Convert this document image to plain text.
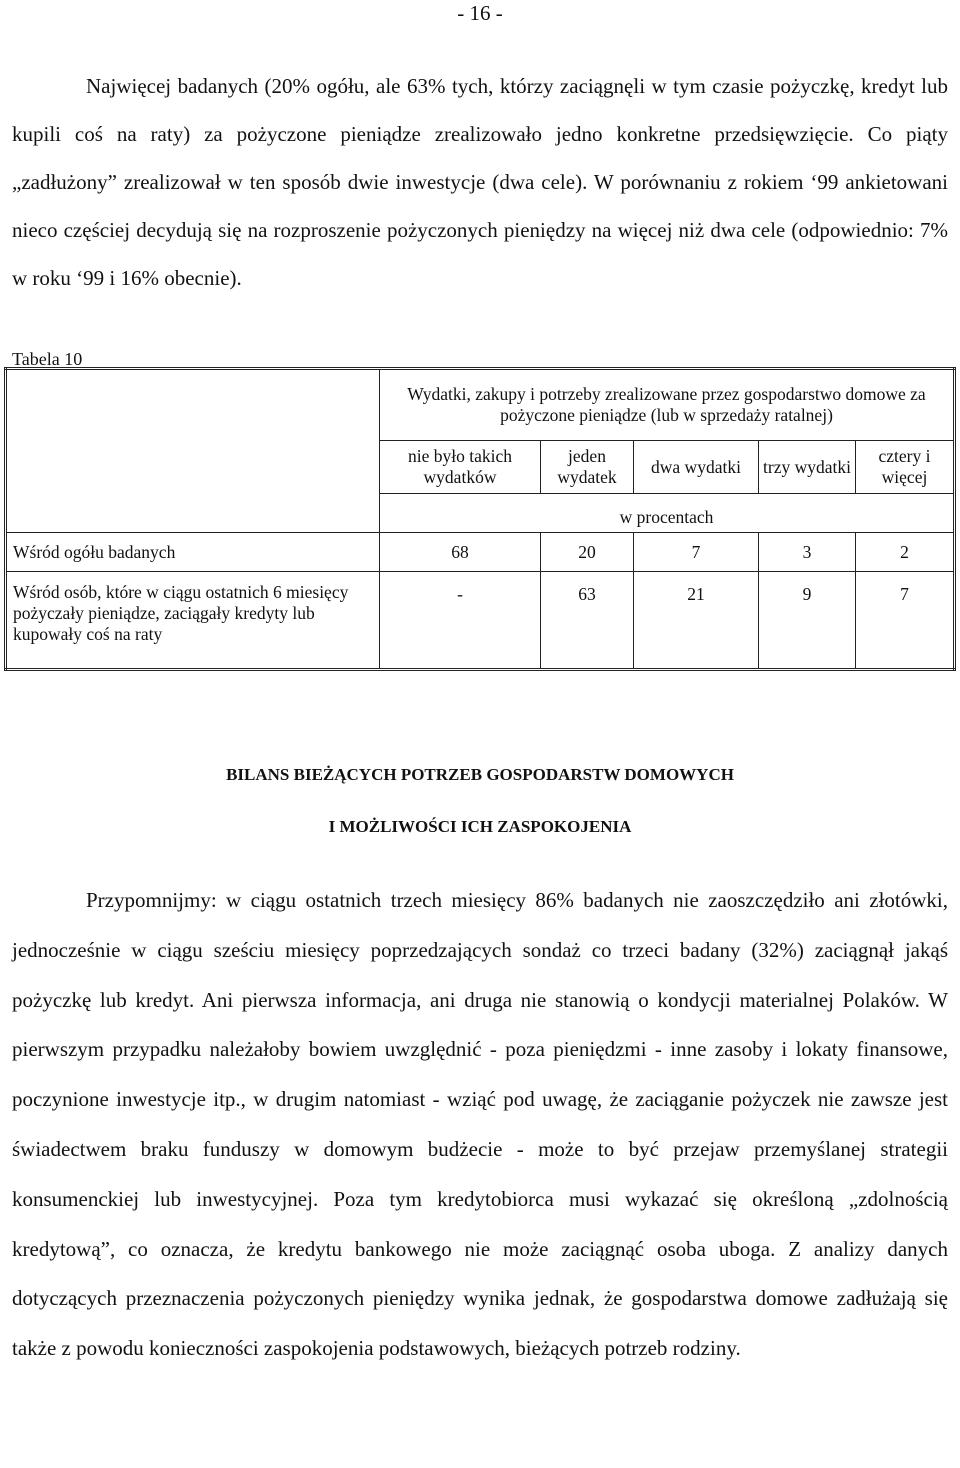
- 16 -

Najwięcej badanych (20% ogółu, ale 63% tych, którzy zaciągnęli w tym czasie pożyczkę, kredyt lub kupili coś na raty) za pożyczone pieniądze zrealizowało jedno konkretne przedsięwzięcie. Co piąty „zadłużony” zrealizował w ten sposób dwie inwestycje (dwa cele). W porównaniu z rokiem ‘99 ankietowani nieco częściej decydują się na rozproszenie pożyczonych pieniędzy na więcej niż dwa cele (odpowiednio: 7% w roku ‘99 i 16% obecnie).

Tabela 10
	Wydatki, zakupy i potrzeby zrealizowane przez gospodarstwo domowe za pożyczone pieniądze (lub w sprzedaży ratalnej)				
	nie było takich wydatków	jeden wydatek	dwa wydatki	trzy wydatki	cztery i więcej
	w procentach				
Wśród ogółu badanych	68	20	7	3	2
Wśród osób, które w ciągu ostatnich 6 miesięcy pożyczały pieniądze, zaciągały kredyty lub kupowały coś na raty	-	63	21	9	7
BILANS BIEŻĄCYCH POTRZEB GOSPODARSTW DOMOWYCH
I MOŻLIWOŚCI ICH ZASPOKOJENIA

Przypomnijmy: w ciągu ostatnich trzech miesięcy 86% badanych nie zaoszczędziło ani złotówki, jednocześnie w ciągu sześciu miesięcy poprzedzających sondaż co trzeci badany (32%) zaciągnął jakąś pożyczkę lub kredyt. Ani pierwsza informacja, ani druga nie stanowią o kondycji materialnej Polaków. W pierwszym przypadku należałoby bowiem uwzględnić - poza pieniędzmi - inne zasoby i lokaty finansowe, poczynione inwestycje itp., w drugim natomiast - wziąć pod uwagę, że zaciąganie pożyczek nie zawsze jest świadectwem braku funduszy w domowym budżecie - może to być przejaw przemyślanej strategii konsumenckiej lub inwestycyjnej. Poza tym kredytobiorca musi wykazać się określoną „zdolnością kredytową”, co oznacza, że kredytu bankowego nie może zaciągnąć osoba uboga. Z analizy danych dotyczących przeznaczenia pożyczonych pieniędzy wynika jednak, że gospodarstwa domowe zadłużają się także z powodu konieczności zaspokojenia podstawowych, bieżących potrzeb rodziny.
